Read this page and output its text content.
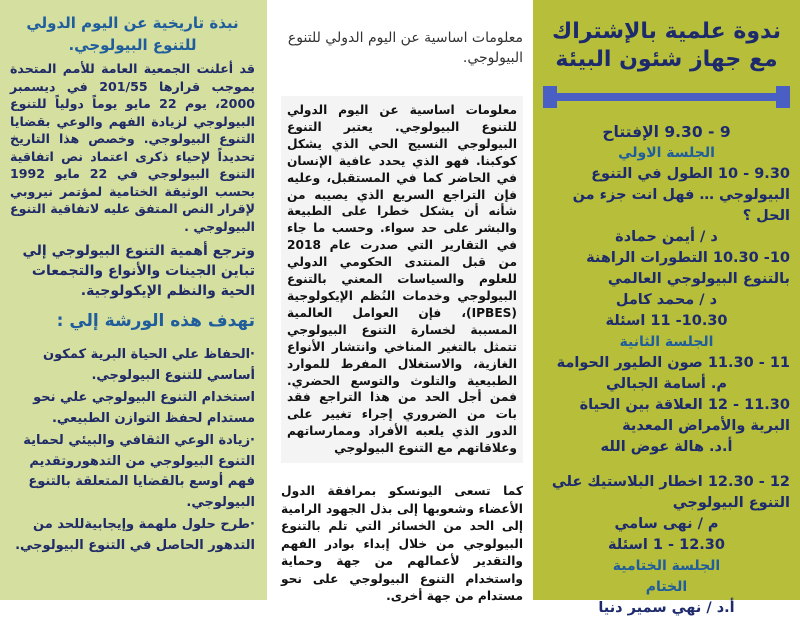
نبذة تاريخية عن اليوم الدولي للتنوع البيولوجي.
قد أعلنت الجمعية العامة للأمم المتحدة بموجب قرارها 201/55 في ديسمبر 2000، يوم 22 مايو يوماً دولياً للتنوع البيولوجي لزيادة الفهم والوعي بقضايا التنوع البيولوجي. وخصص هذا التاريخ تحديداً لإحياء ذكرى اعتماد نص اتفاقية التنوع البيولوجي في 22 مايو 1992 بحسب الوثيقة الختامية لمؤتمر نيروبي لإقرار النص المتفق عليه لاتفاقية التنوع البيولوجي .
وترجع أهمية التنوع البيولوجي إلي تباين الجينات والأنواع والتجمعات الحية والنظم الإيكولوجية.
تهدف هذه الورشة إلي :
·الحفاظ علي الحياة البرية كمكون أساسي للتنوع البيولوجي.
استخدام التنوع البيولوجي علي نحو مستدام لحفظ التوازن الطبيعي.
·زيادة الوعي الثقافي والبيئي لحماية التنوع البيولوجي من التدهوروتقديم فهم أوسع بالقضايا المتعلقة بالتنوع البيولوجي.
·طرح حلول ملهمة وإيجابيةللحد من التدهور الحاصل في التنوع البيولوجي.
معلومات اساسية عن اليوم الدولي للتنوع البيولوجي.
معلومات اساسية عن اليوم الدولي للتنوع البيولوجي. يعتبر التنوع البيولوجي النسيج الحي الذي يشكل كوكبنا. فهو الذي يحدد عافية الإنسان في الحاضر كما في المستقبل، وعليه فإن التراجع السريع الذي يصيبه من شأنه أن يشكل خطرا على الطبيعة والبشر على حد سواء. وحسب ما جاء في التقارير التي صدرت عام 2018 من قبل المنتدى الحكومي الدولي للعلوم والسياسات المعني بالتنوع البيولوجي وخدمات النُظم الإيكولوجية (IPBES)، فإن العوامل العالمية المسببة لخسارة التنوع البيولوجي تتمثل بالتغير المناخي وانتشار الأنواع الغازية، والاستغلال المفرط للموارد الطبيعية والتلوث والتوسع الحضري. فمن أجل الحد من هذا التراجع فقد بات من الضروري إجراء تغيير على الدور الذي يلعبه الأفراد وممارساتهم وعلاقاتهم مع التنوع البيولوجي
كما تسعى اليونسكو بمرافقة الدول الأعضاء وشعوبها إلى بذل الجهود الرامية إلى الحد من الخسائر التي تلم بالتنوع البيولوجي من خلال إبداء بوادر الفهم والتقدير لأعمالهم من جهة وحماية واستخدام التنوع البيولوجي على نحو مستدام من جهة أخرى.
ندوة علمية بالإشتراك
مع جهاز شئون البيئة
9 - 9.30 الإفتتاح
الجلسة الاولي
9.30 - 10 الطول في التنوع البيولوجي … فهل انت جزء من الحل ؟
د / أيمن حمادة
10- 10.30 التطورات الراهنة بالتنوع البيولوجي العالمي
د / محمد كامل
10.30- 11 اسئلة
الجلسة الثانية
11 - 11.30 صون الطيور الحوامة
م. أسامة الجبالي
11.30 - 12 العلاقة بين الحياة البرية والأمراض المعدية
أ.د. هالة عوض الله
12 - 12.30 اخطار البلاستيك علي التنوع البيولوجي
م / نهى سامي
12.30 - 1 اسئلة
الجلسة الختامية
الختام
أ.د / نهي سمير دنيا
